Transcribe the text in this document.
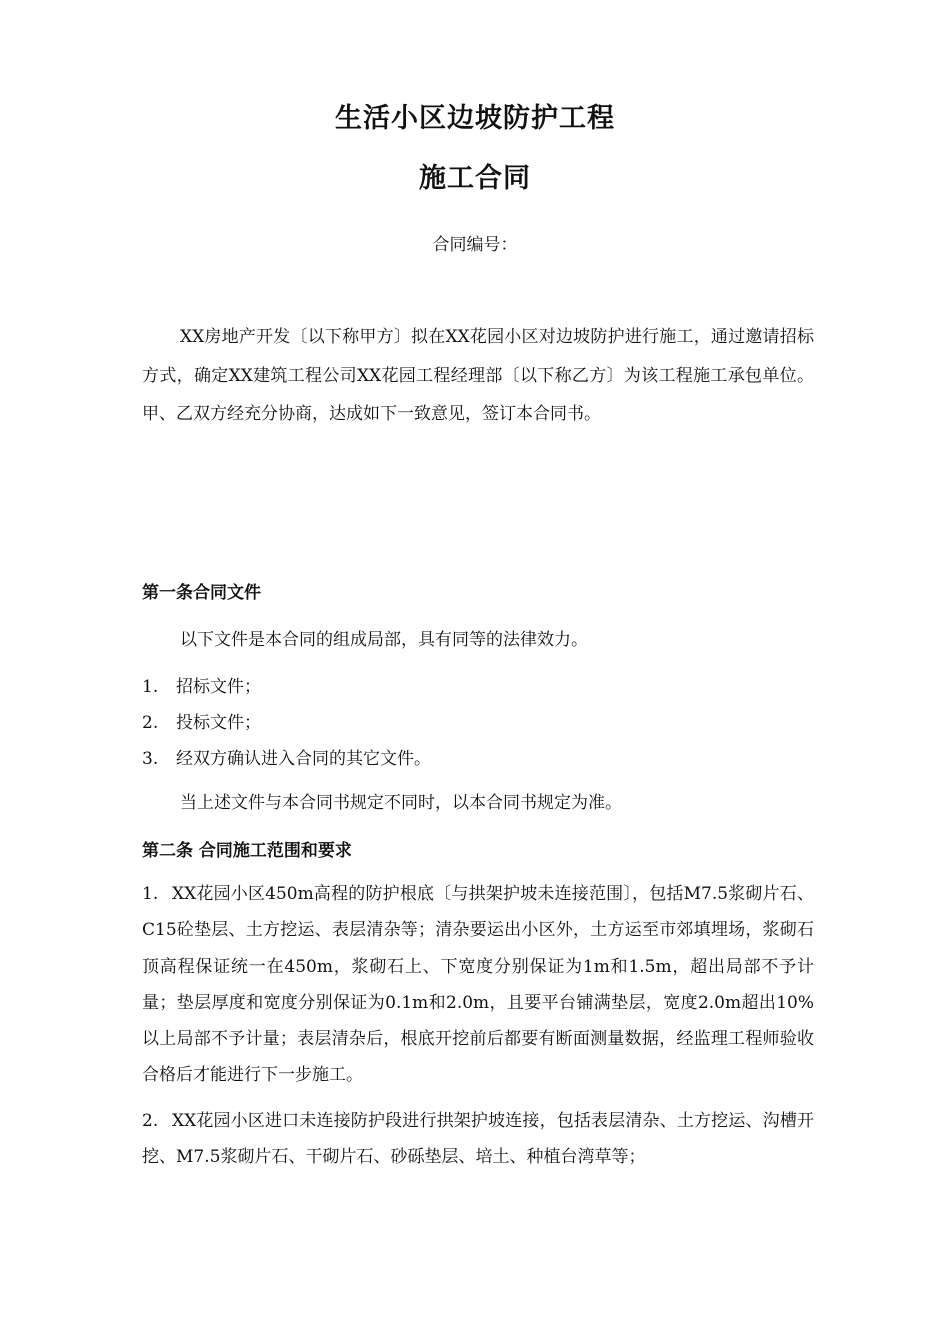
生活小区边坡防护工程
施工合同
合同编号：

XX房地产开发〔以下称甲方〕拟在XX花园小区对边坡防护进行施工，通过邀请招标方式，确定XX建筑工程公司XX花园工程经理部〔以下称乙方〕为该工程施工承包单位。甲、乙双方经充分协商，达成如下一致意见，签订本合同书。

第一条合同文件

以下文件是本合同的组成局部，具有同等的法律效力。

1. 招标文件；
2. 投标文件；
3. 经双方确认进入合同的其它文件。

当上述文件与本合同书规定不同时，以本合同书规定为准。

第二条 合同施工范围和要求

1. XX花园小区450m高程的防护根底〔与拱架护坡未连接范围〕，包括M7.5浆砌片石、C15砼垫层、土方挖运、表层清杂等；清杂要运出小区外，土方运至市郊填埋场，浆砌石顶高程保证统一在450m，浆砌石上、下宽度分别保证为1m和1.5m，超出局部不予计量；垫层厚度和宽度分别保证为0.1m和2.0m，且要平台铺满垫层，宽度2.0m超出10%以上局部不予计量；表层清杂后，根底开挖前后都要有断面测量数据，经监理工程师验收合格后才能进行下一步施工。

2. XX花园小区进口未连接防护段进行拱架护坡连接，包括表层清杂、土方挖运、沟槽开挖、M7.5浆砌片石、干砌片石、砂砾垫层、培土、种植台湾草等；
